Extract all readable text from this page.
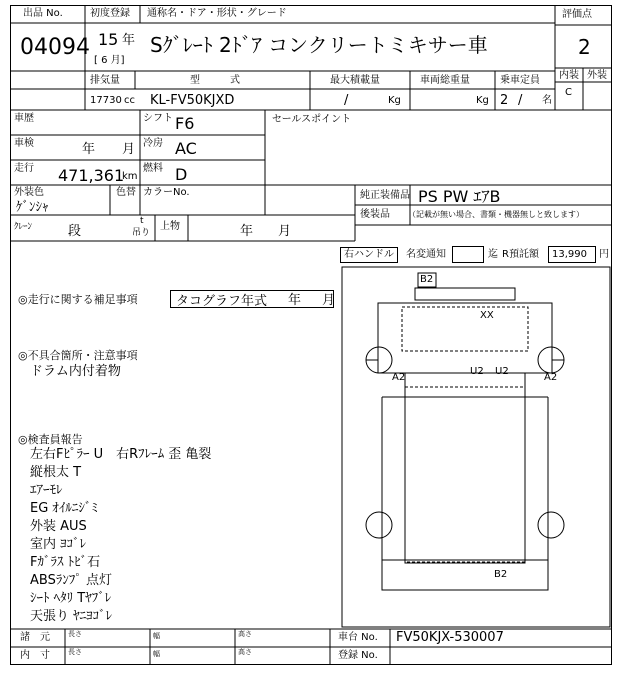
出品 No.	初度登録 通称名・ドア・形状・グレード	評価点
04094 15 年
[ 6 月]
Sｸﾞﾚｰﾄ 2ﾄﾞｱ コンクリートミキサー車	2
内装 外装
C
排気量	型　　　式	最大積載量	車両総重量	乗車定員
17730 cc KL-FV50KJXD	/	Kg	Kg 2 / 名
車歴	シフト F6
車検	年 月 冷房 AC
走行 471,361
km
燃料 D
セールスポイント
外装色
ｹﾞﾝｼｬ
色替 カラーNo.
ｸﾚｰﾝ	段
t
吊り
上物	年 月
純正装備品 PS PW ｴｱB
後装品 （記載が無い場合、書類・機器無しと致します）
右ハンドル	名変通知	迄 R預託額 13,990 円
◎走行に関する補足事項	タコグラフ年式 年 月
◎不具合箇所・注意事項
ドラム内付着物
◎検査員報告
左右Fﾋﾟﾗｰ U　右Rﾌﾚｰﾑ 歪 亀裂
縦根太 T
ｴｱｰﾓﾚ
EG ｵｲﾙﾆｼﾞﾐ
外装 AUS
室内 ﾖｺﾞﾚ
Fｶﾞﾗｽ ﾄﾋﾞ石
ABSﾗﾝﾌﾟ 点灯
ｼｰﾄ ﾍﾀﾘ Tﾔﾌﾞﾚ
天張り ﾔﾆﾖｺﾞﾚ
B2
XX
A2
U2 U2
A2
B2
諸　元	長さ	幅	高さ
内　寸	長さ	幅	高さ
車台 No. FV50KJX-530007
登録 No.
